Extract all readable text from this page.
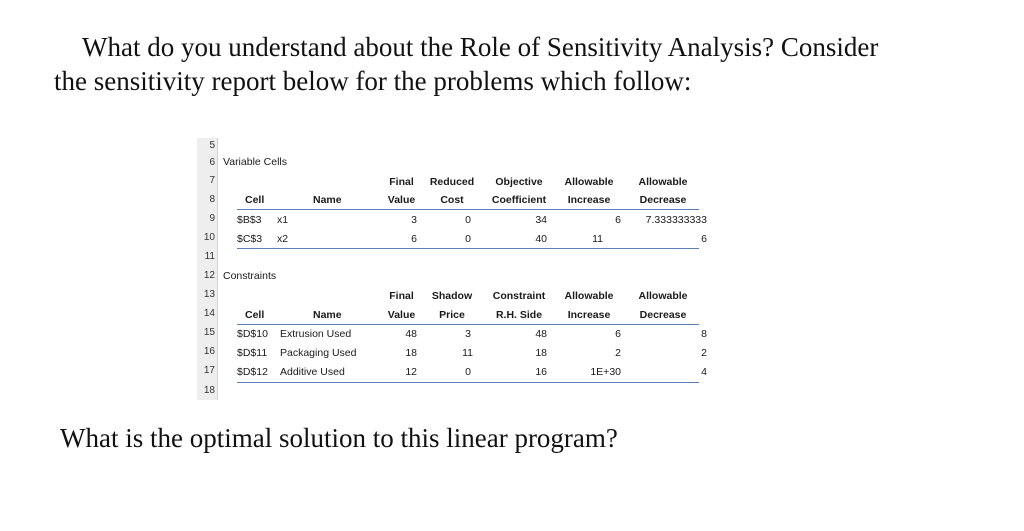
What do you understand about the Role of Sensitivity Analysis? Consider
the sensitivity report below for the problems which follow:
5
6
7
8
9
10
11
12
13
14
15
16
17
18
Variable Cells
Final	Reduced	Objective	Allowable	Allowable
Cell	Name	Value	Cost	Coefficient	Increase	Decrease
$B$3 x1	3	0	34	6	7.333333333
$C$3 x2	6	0	40	11	6
Constraints
Final	Shadow	Constraint	Allowable	Allowable
Cell	Name	Value	Price	R.H. Side	Increase	Decrease
$D$10 Extrusion Used	48	3	48	6	8
$D$11 Packaging Used	18	11	18	2	2
$D$12 Additive Used	12	0	16	1E+30	4
What is the optimal solution to this linear program?
